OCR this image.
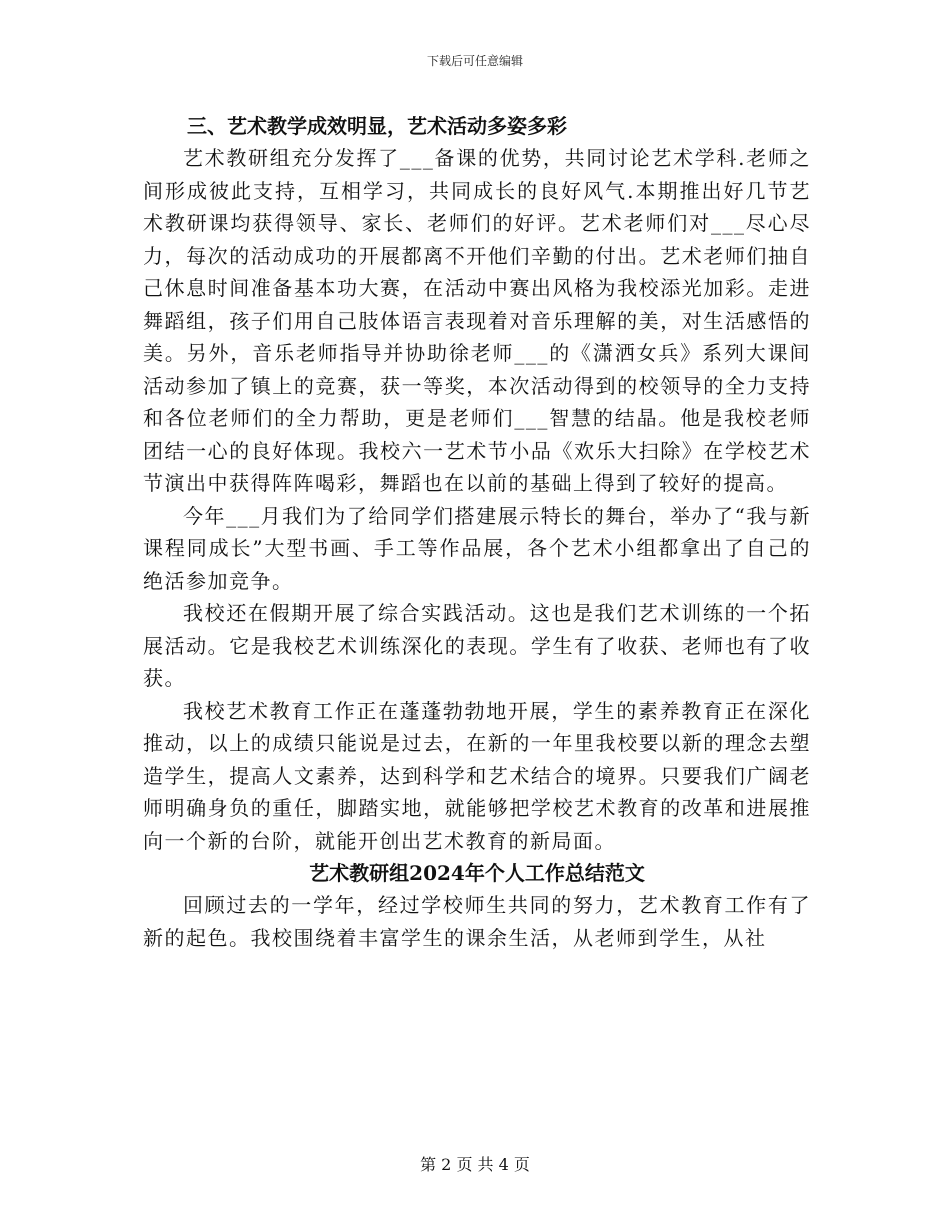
下载后可任意编辑
三、艺术教学成效明显，艺术活动多姿多彩

艺术教研组充分发挥了___备课的优势，共同讨论艺术学科.老师之间形成彼此支持，互相学习，共同成长的良好风气.本期推出好几节艺术教研课均获得领导、家长、老师们的好评。艺术老师们对___尽心尽力，每次的活动成功的开展都离不开他们辛勤的付出。艺术老师们抽自己休息时间准备基本功大赛，在活动中赛出风格为我校添光加彩。走进舞蹈组，孩子们用自己肢体语言表现着对音乐理解的美，对生活感悟的美。另外，音乐老师指导并协助徐老师___的《潇洒女兵》系列大课间活动参加了镇上的竞赛，获一等奖，本次活动得到的校领导的全力支持和各位老师们的全力帮助，更是老师们___智慧的结晶。他是我校老师团结一心的良好体现。我校六一艺术节小品《欢乐大扫除》在学校艺术节演出中获得阵阵喝彩，舞蹈也在以前的基础上得到了较好的提高。

今年___月我们为了给同学们搭建展示特长的舞台，举办了“我与新课程同成长”大型书画、手工等作品展，各个艺术小组都拿出了自己的绝活参加竞争。

我校还在假期开展了综合实践活动。这也是我们艺术训练的一个拓展活动。它是我校艺术训练深化的表现。学生有了收获、老师也有了收获。

我校艺术教育工作正在蓬蓬勃勃地开展，学生的素养教育正在深化推动，以上的成绩只能说是过去，在新的一年里我校要以新的理念去塑造学生，提高人文素养，达到科学和艺术结合的境界。只要我们广阔老师明确身负的重任，脚踏实地，就能够把学校艺术教育的改革和进展推向一个新的台阶，就能开创出艺术教育的新局面。

艺术教研组2024年个人工作总结范文

回顾过去的一学年，经过学校师生共同的努力，艺术教育工作有了新的起色。我校围绕着丰富学生的课余生活，从老师到学生，从社

第 2 页 共 4 页
